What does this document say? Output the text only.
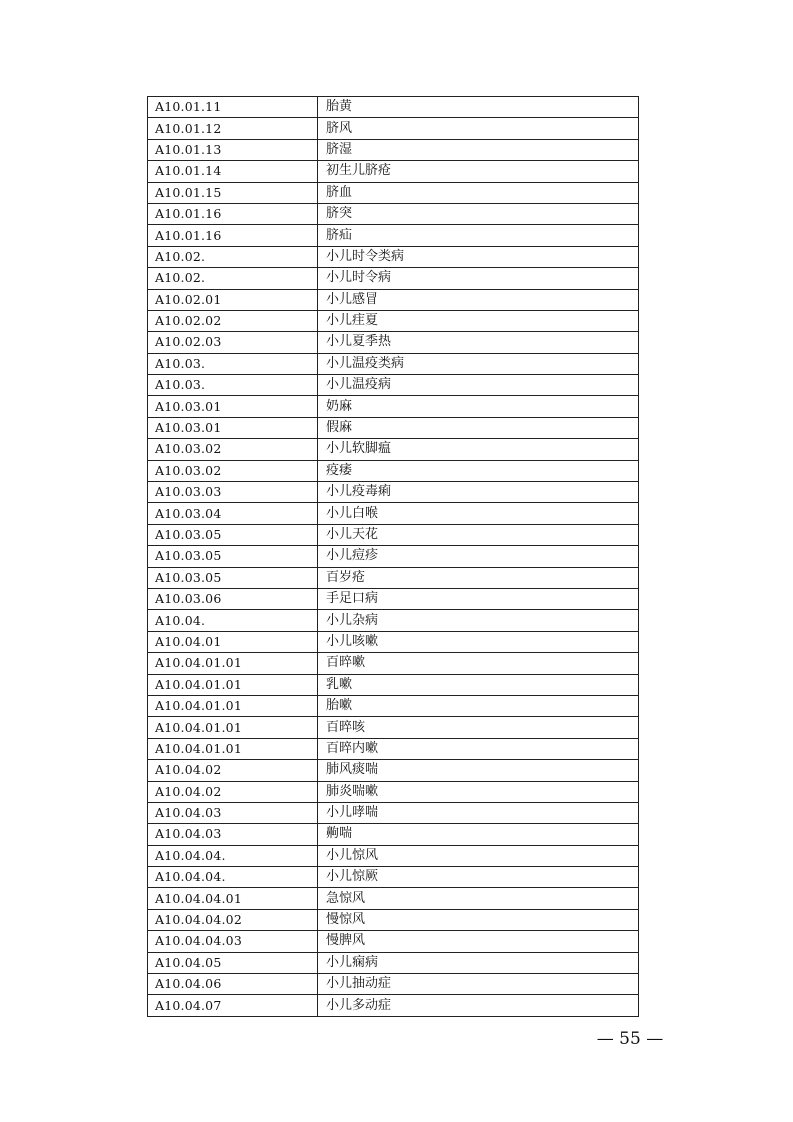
A10.01.11	胎黄
A10.01.12	脐风
A10.01.13	脐湿
A10.01.14	初生儿脐疮
A10.01.15	脐血
A10.01.16	脐突
A10.01.16	脐疝
A10.02.	小儿时令类病
A10.02.	小儿时令病
A10.02.01	小儿感冒
A10.02.02	小儿疰夏
A10.02.03	小儿夏季热
A10.03.	小儿温疫类病
A10.03.	小儿温疫病
A10.03.01	奶麻
A10.03.01	假麻
A10.03.02	小儿软脚瘟
A10.03.02	疫痿
A10.03.03	小儿疫毒痢
A10.03.04	小儿白喉
A10.03.05	小儿天花
A10.03.05	小儿痘疹
A10.03.05	百岁疮
A10.03.06	手足口病
A10.04.	小儿杂病
A10.04.01	小儿咳嗽
A10.04.01.01	百晬嗽
A10.04.01.01	乳嗽
A10.04.01.01	胎嗽
A10.04.01.01	百晬咳
A10.04.01.01	百晬内嗽
A10.04.02	肺风痰喘
A10.04.02	肺炎喘嗽
A10.04.03	小儿哮喘
A10.04.03	齁喘
A10.04.04.	小儿惊风
A10.04.04.	小儿惊厥
A10.04.04.01	急惊风
A10.04.04.02	慢惊风
A10.04.04.03	慢脾风
A10.04.05	小儿痫病
A10.04.06	小儿抽动症
A10.04.07	小儿多动症
— 55 —
